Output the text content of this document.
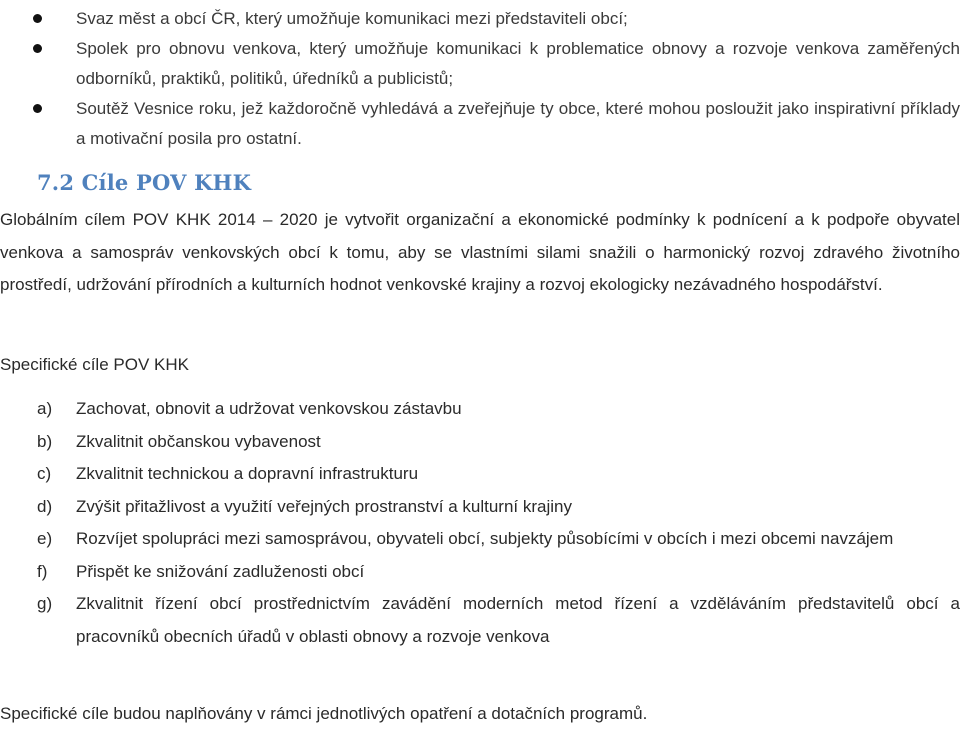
Svaz měst a obcí ČR, který umožňuje komunikaci mezi představiteli obcí;
Spolek pro obnovu venkova, který umožňuje komunikaci k problematice obnovy a rozvoje venkova zaměřených odborníků, praktiků, politiků, úředníků a publicistů;
Soutěž Vesnice roku, jež každoročně vyhledává a zveřejňuje ty obce, které mohou posloužit jako inspirativní příklady a motivační posila pro ostatní.
7.2 Cíle POV KHK
Globálním cílem POV KHK 2014 – 2020 je vytvořit organizační a ekonomické podmínky k podnícení a k podpoře obyvatel venkova a samospráv venkovských obcí k tomu, aby se vlastními silami snažili o harmonický rozvoj zdravého životního prostředí, udržování přírodních a kulturních hodnot venkovské krajiny a rozvoj ekologicky nezávadného hospodářství.
Specifické cíle POV KHK
a) Zachovat, obnovit a udržovat venkovskou zástavbu
b) Zkvalitnit občanskou vybavenost
c) Zkvalitnit technickou a dopravní infrastrukturu
d) Zvýšit přitažlivost a využití veřejných prostranství a kulturní krajiny
e) Rozvíjet spolupráci mezi samosprávou, obyvateli obcí, subjekty působícími v obcích i mezi obcemi navzájem
f) Přispět ke snižování zadluženosti obcí
g) Zkvalitnit řízení obcí prostřednictvím zavádění moderních metod řízení a vzděláváním představitelů obcí a pracovníků obecních úřadů v oblasti obnovy a rozvoje venkova
Specifické cíle budou naplňovány v rámci jednotlivých opatření a dotačních programů.
